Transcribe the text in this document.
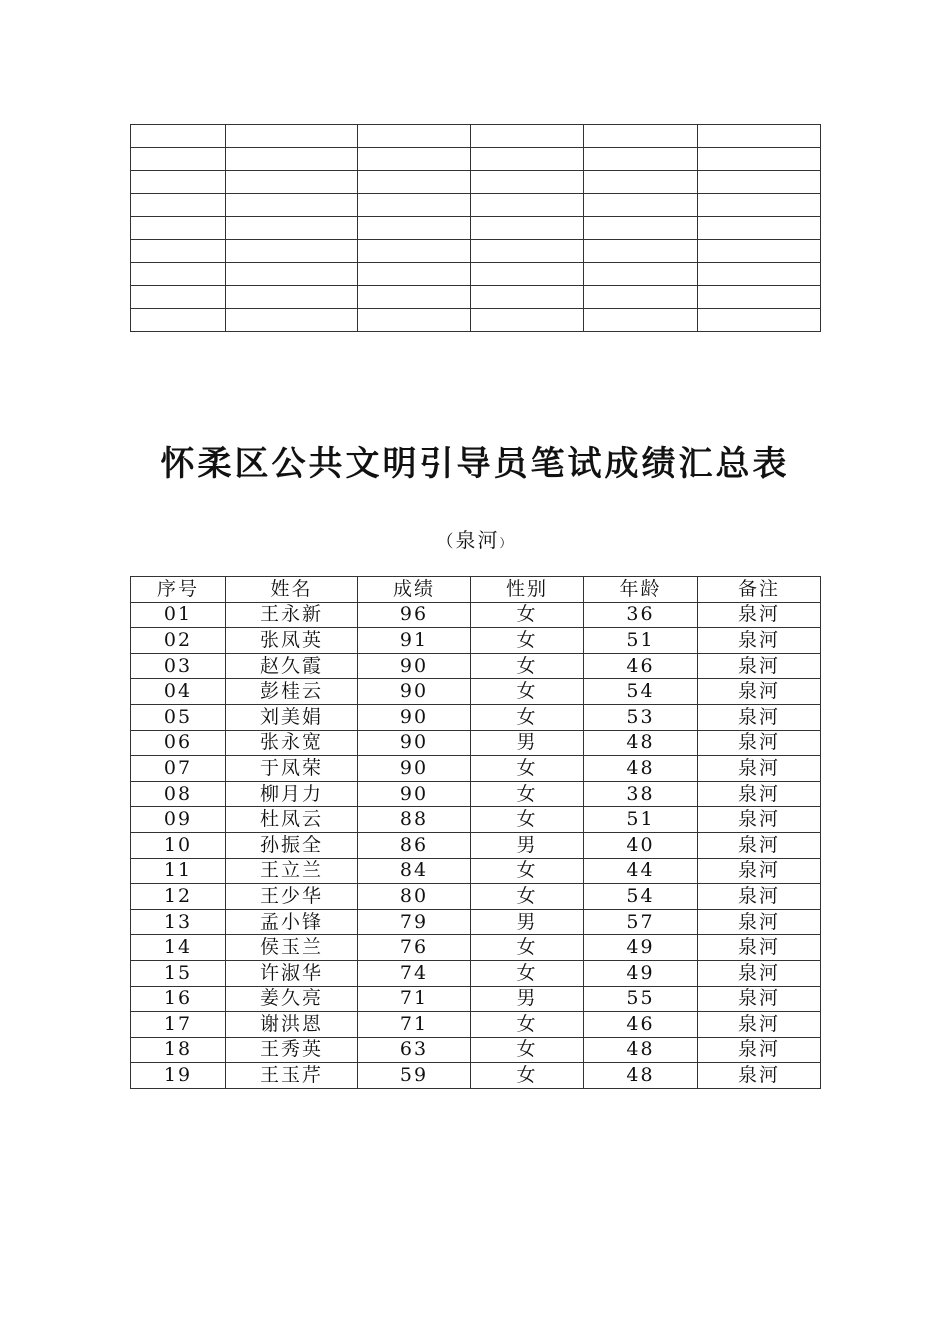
怀柔区公共文明引导员笔试成绩汇总表
（泉河）
序号	姓名	成绩	性别	年龄	备注
01	王永新	96	女	36	泉河
02	张凤英	91	女	51	泉河
03	赵久霞	90	女	46	泉河
04	彭桂云	90	女	54	泉河
05	刘美娟	90	女	53	泉河
06	张永宽	90	男	48	泉河
07	于凤荣	90	女	48	泉河
08	柳月力	90	女	38	泉河
09	杜凤云	88	女	51	泉河
10	孙振全	86	男	40	泉河
11	王立兰	84	女	44	泉河
12	王少华	80	女	54	泉河
13	孟小锋	79	男	57	泉河
14	侯玉兰	76	女	49	泉河
15	许淑华	74	女	49	泉河
16	姜久亮	71	男	55	泉河
17	谢洪恩	71	女	46	泉河
18	王秀英	63	女	48	泉河
19	王玉芹	59	女	48	泉河
